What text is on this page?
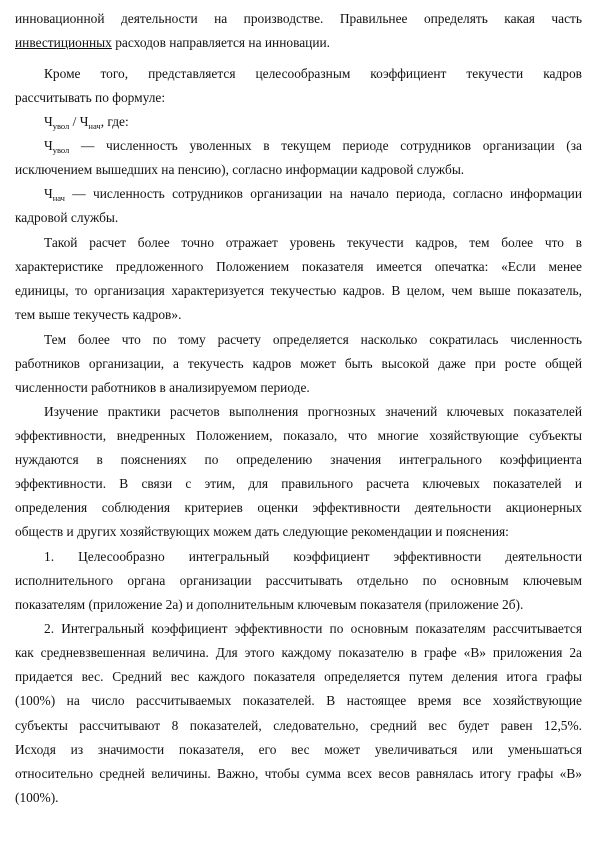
инновационной деятельности на производстве. Правильнее определять какая часть
инвестиционных расходов направляется на инновации.
Кроме того, представляется целесообразным коэффициент текучести кадров
рассчитывать по формуле:
$Ч_{увол} / Ч_{нач}$, где:
$Ч_{увол}$ — численность уволенных в текущем периоде сотрудников организации (за
исключением вышедших на пенсию), согласно информации кадровой службы.
$Ч_{нач}$ — численность сотрудников организации на начало периода, согласно информации
кадровой службы.
Такой расчет более точно отражает уровень текучести кадров, тем более что в
характеристике предложенного Положением показателя имеется опечатка: «Если менее
единицы, то организация характеризуется текучестью кадров. В целом, чем выше показатель,
тем выше текучесть кадров».
Тем более что по тому расчету определяется насколько сократилась численность
работников организации, а текучесть кадров может быть высокой даже при росте общей
численности работников в анализируемом периоде.
Изучение практики расчетов выполнения прогнозных значений ключевых показателей
эффективности, внедренных Положением, показало, что многие хозяйствующие субъекты
нуждаются в пояснениях по определению значения интегрального коэффициента
эффективности. В связи с этим, для правильного расчета ключевых показателей и
определения соблюдения критериев оценки эффективности деятельности акционерных
обществ и других хозяйствующих можем дать следующие рекомендации и пояснения:
1. Целесообразно интегральный коэффициент эффективности деятельности
исполнительного органа организации рассчитывать отдельно по основным ключевым
показателям (приложение 2а) и дополнительным ключевым показателя (приложение 2б).
2. Интегральный коэффициент эффективности по основным показателям рассчитывается
как средневзвешенная величина. Для этого каждому показателю в графе «В» приложения 2а
придается вес. Средний вес каждого показателя определяется путем деления итога графы
(100%) на число рассчитываемых показателей. В настоящее время все хозяйствующие
субъекты рассчитывают 8 показателей, следовательно, средний вес будет равен 12,5%.
Исходя из значимости показателя, его вес может увеличиваться или уменьшаться
относительно средней величины. Важно, чтобы сумма всех весов равнялась итогу графы «В»
(100%).
